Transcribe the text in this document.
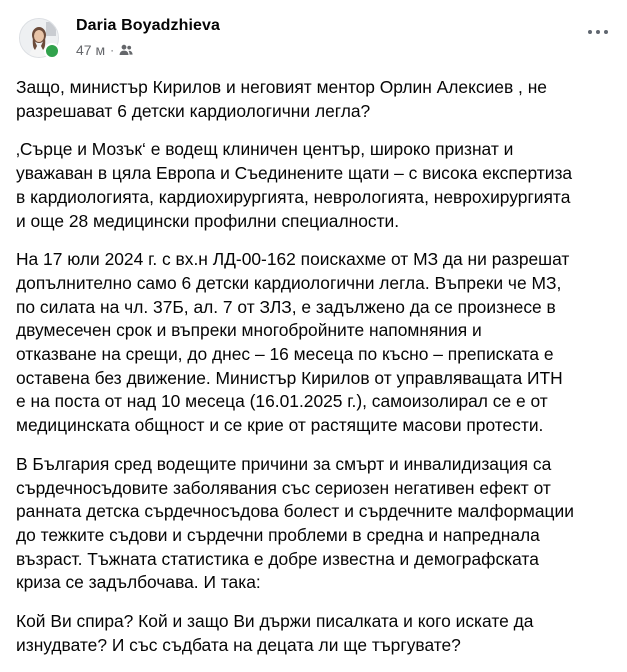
Daria Boyadzhieva
47 м ·

Защо, министър Кирилов и неговият ментор Орлин Алексиев , не
разрешават 6 детски кардиологични легла?

‚Сърце и Мозък‘ е водещ клиничен център, широко признат и
уважаван в цяла Европа и Съединените щати – с висока експертиза
в кардиологията, кардиохирургията, неврологията, неврохирургията
и още 28 медицински профилни специалности.

На 17 юли 2024 г. с вх.н ЛД-00-162 поискахме от МЗ да ни разрешат
допълнително само 6 детски кардиологични легла. Въпреки че МЗ,
по силата на чл. 37Б, ал. 7 от ЗЛЗ, е задължено да се произнесе в
двумесечен срок и въпреки многобройните напомняния и
отказване на срещи, до днес – 16 месеца по късно – преписката е
оставена без движение. Министър Кирилов от управляващата ИТН
е на поста от над 10 месеца (16.01.2025 г.), самоизолирал се е от
медицинската общност и се крие от растящите масови протести.

В България сред водещите причини за смърт и инвалидизация са
сърдечносъдовите заболявания със сериозен негативен ефект от
ранната детска сърдечносъдова болест и сърдечните малформации
до тежките съдови и сърдечни проблеми в средна и напреднала
възраст. Тъжната статистика е добре известна и демографската
криза се задълбочава. И така:

Кой Ви спира? Кой и защо Ви държи писалката и кого искате да
изнудвате? И със съдбата на децата ли ще търгувате?
